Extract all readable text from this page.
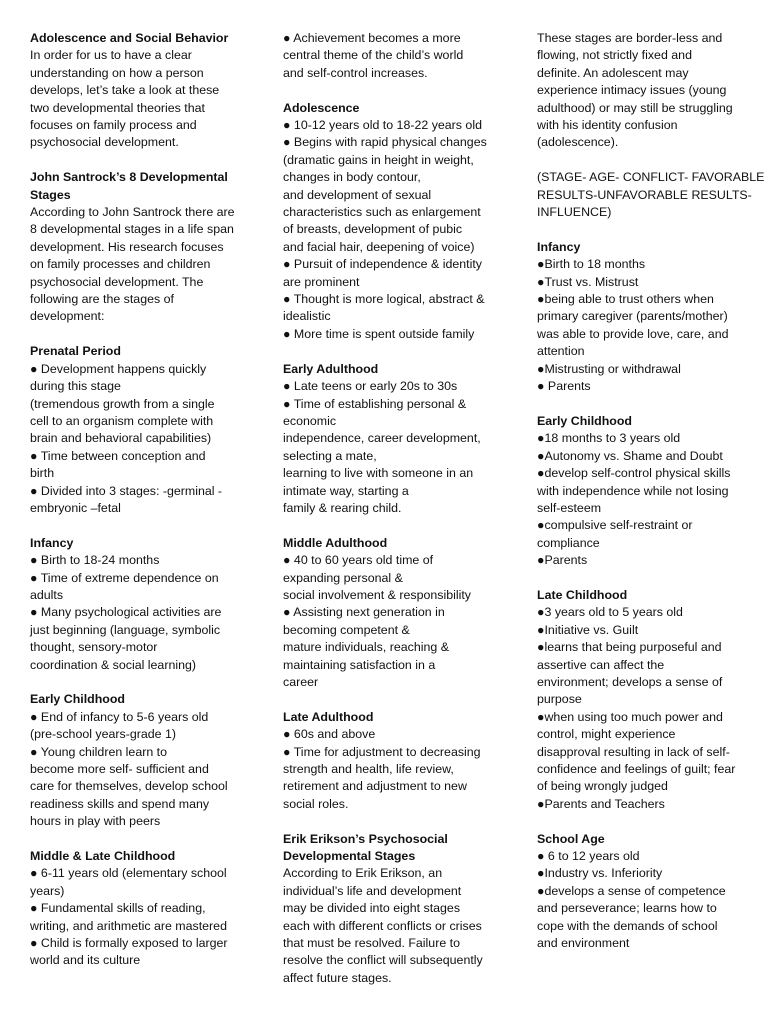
Adolescence and Social Behavior
In order for us to have a clear
understanding on how a person
develops, let’s take a look at these
two developmental theories that
focuses on family process and
psychosocial development.
John Santrock’s 8 Developmental Stages
According to John Santrock there are
8 developmental stages in a life span
development. His research focuses
on family processes and children
psychosocial development. The
following are the stages of
development:
Prenatal Period
● Development happens quickly
during this stage
(tremendous growth from a single
cell to an organism complete with
brain and behavioral capabilities)
● Time between conception and
birth
● Divided into 3 stages: -germinal -
embryonic –fetal
Infancy
● Birth to 18-24 months
● Time of extreme dependence on
adults
● Many psychological activities are
just beginning (language, symbolic
thought, sensory-motor
coordination & social learning)
Early Childhood
● End of infancy to 5-6 years old
(pre-school years-grade 1)
● Young children learn to
become more self- sufficient and
care for themselves, develop school
readiness skills and spend many
hours in play with peers
Middle & Late Childhood
● 6-11 years old (elementary school
years)
● Fundamental skills of reading,
writing, and arithmetic are mastered
● Child is formally exposed to larger
world and its culture
● Achievement becomes a more
central theme of the child’s world
and self-control increases.
Adolescence
● 10-12 years old to 18-22 years old
● Begins with rapid physical changes
(dramatic gains in height in weight,
changes in body contour,
and development of sexual
characteristics such as enlargement
of breasts, development of pubic
and facial hair, deepening of voice)
● Pursuit of independence & identity
are prominent
● Thought is more logical, abstract &
idealistic
● More time is spent outside family
Early Adulthood
● Late teens or early 20s to 30s
● Time of establishing personal &
economic
independence, career development,
selecting a mate,
learning to live with someone in an
intimate way, starting a
family & rearing child.
Middle Adulthood
● 40 to 60 years old time of
expanding personal &
social involvement & responsibility
● Assisting next generation in
becoming competent &
mature individuals, reaching &
maintaining satisfaction in a
career
Late Adulthood
● 60s and above
● Time for adjustment to decreasing
strength and health, life review,
retirement and adjustment to new
social roles.
Erik Erikson’s Psychosocial Developmental Stages
According to Erik Erikson, an
individual’s life and development
may be divided into eight stages
each with different conflicts or crises
that must be resolved. Failure to
resolve the conflict will subsequently
affect future stages.
These stages are border-less and
flowing, not strictly fixed and
definite. An adolescent may
experience intimacy issues (young
adulthood) or may still be struggling
with his identity confusion
(adolescence).
(STAGE- AGE- CONFLICT- FAVORABLE
RESULTS-UNFAVORABLE RESULTS-
INFLUENCE)
Infancy
●Birth to 18 months
●Trust vs. Mistrust
●being able to trust others when
primary caregiver (parents/mother)
was able to provide love, care, and
attention
●Mistrusting or withdrawal
● Parents
Early Childhood
●18 months to 3 years old
●Autonomy vs. Shame and Doubt
●develop self-control physical skills
with independence while not losing
self-esteem
●compulsive self-restraint or
compliance
●Parents
Late Childhood
●3 years old to 5 years old
●Initiative vs. Guilt
●learns that being purposeful and
assertive can affect the
environment; develops a sense of
purpose
●when using too much power and
control, might experience
disapproval resulting in lack of self-
confidence and feelings of guilt; fear
of being wrongly judged
●Parents and Teachers
School Age
● 6 to 12 years old
●Industry vs. Inferiority
●develops a sense of competence
and perseverance; learns how to
cope with the demands of school
and environment
